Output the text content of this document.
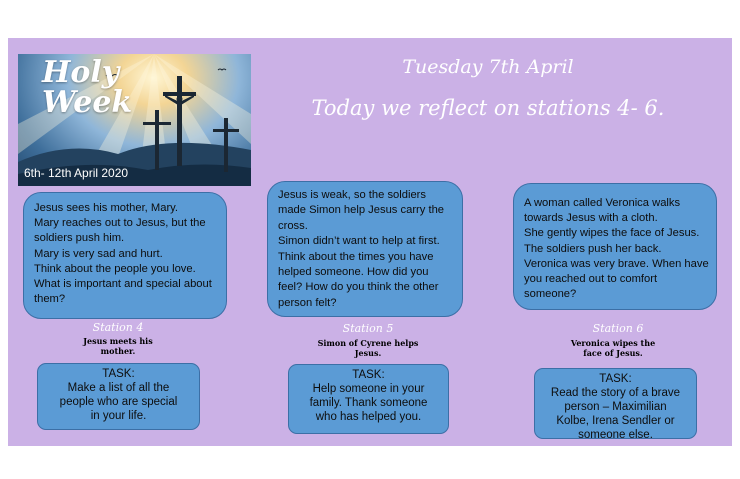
Holy
Week
6th- 12th April 2020
Tuesday 7th April
Today we reflect on stations 4- 6.
Jesus sees his mother, Mary.
Mary reaches out to Jesus, but the
soldiers push him.
Mary is very sad and hurt.
Think about the people you love.
What is important and special about
them?
Station 4
Jesus meets his
mother.
TASK:
Make a list of all the
people who are special
in your life.
Jesus is weak, so the soldiers
made Simon help Jesus carry the
cross.
Simon didn’t want to help at first.
Think about the times you have
helped someone. How did you
feel? How do you think the other
person felt?
Station 5
Simon of Cyrene helps
Jesus.
TASK:
Help someone in your
family. Thank someone
who has helped you.
A woman called Veronica walks
towards Jesus with a cloth.
She gently wipes the face of Jesus.
The soldiers push her back.
Veronica was very brave. When have
you reached out to comfort
someone?
Station 6
Veronica wipes the
face of Jesus.
TASK:
Read the story of a brave
person – Maximilian
Kolbe, Irena Sendler or
someone else.
